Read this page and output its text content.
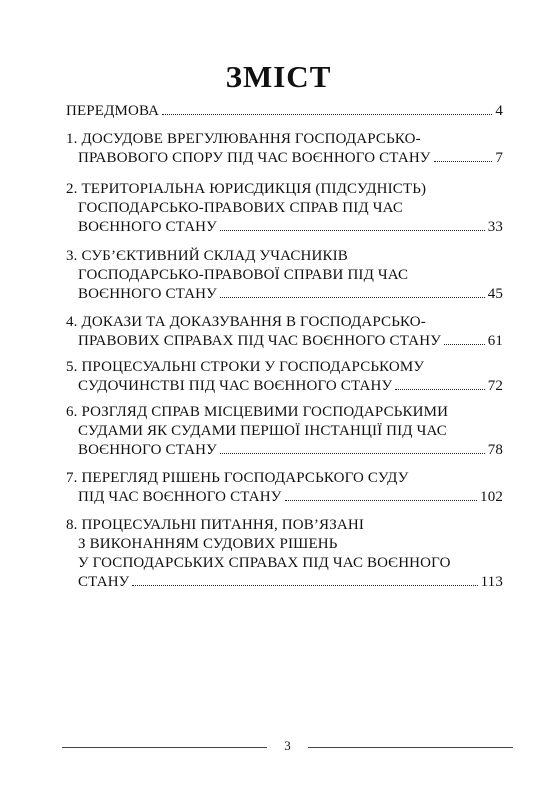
ЗМІСТ
ПЕРЕДМОВА	4
1. ДОСУДОВЕ ВРЕГУЛЮВАННЯ ГОСПОДАРСЬКО-
ПРАВОВОГО СПОРУ ПІД ЧАС ВОЄННОГО СТАНУ	7
2. ТЕРИТОРІАЛЬНА ЮРИСДИКЦІЯ (ПІДСУДНІСТЬ)
ГОСПОДАРСЬКО-ПРАВОВИХ СПРАВ ПІД ЧАС
ВОЄННОГО СТАНУ	33
3. СУБ’ЄКТИВНИЙ СКЛАД УЧАСНИКІВ
ГОСПОДАРСЬКО-ПРАВОВОЇ СПРАВИ ПІД ЧАС
ВОЄННОГО СТАНУ	45
4. ДОКАЗИ ТА ДОКАЗУВАННЯ В ГОСПОДАРСЬКО-
ПРАВОВИХ СПРАВАХ ПІД ЧАС ВОЄННОГО СТАНУ	61
5. ПРОЦЕСУАЛЬНІ СТРОКИ У ГОСПОДАРСЬКОМУ
СУДОЧИНСТВІ ПІД ЧАС ВОЄННОГО СТАНУ	72
6. РОЗГЛЯД СПРАВ МІСЦЕВИМИ ГОСПОДАРСЬКИМИ
СУДАМИ ЯК СУДАМИ ПЕРШОЇ ІНСТАНЦІЇ ПІД ЧАС
ВОЄННОГО СТАНУ	78
7. ПЕРЕГЛЯД РІШЕНЬ ГОСПОДАРСЬКОГО СУДУ
ПІД ЧАС ВОЄННОГО СТАНУ	102
8. ПРОЦЕСУАЛЬНІ ПИТАННЯ, ПОВ’ЯЗАНІ
З ВИКОНАННЯМ СУДОВИХ РІШЕНЬ
У ГОСПОДАРСЬКИХ СПРАВАХ ПІД ЧАС ВОЄННОГО
СТАНУ	113
3
